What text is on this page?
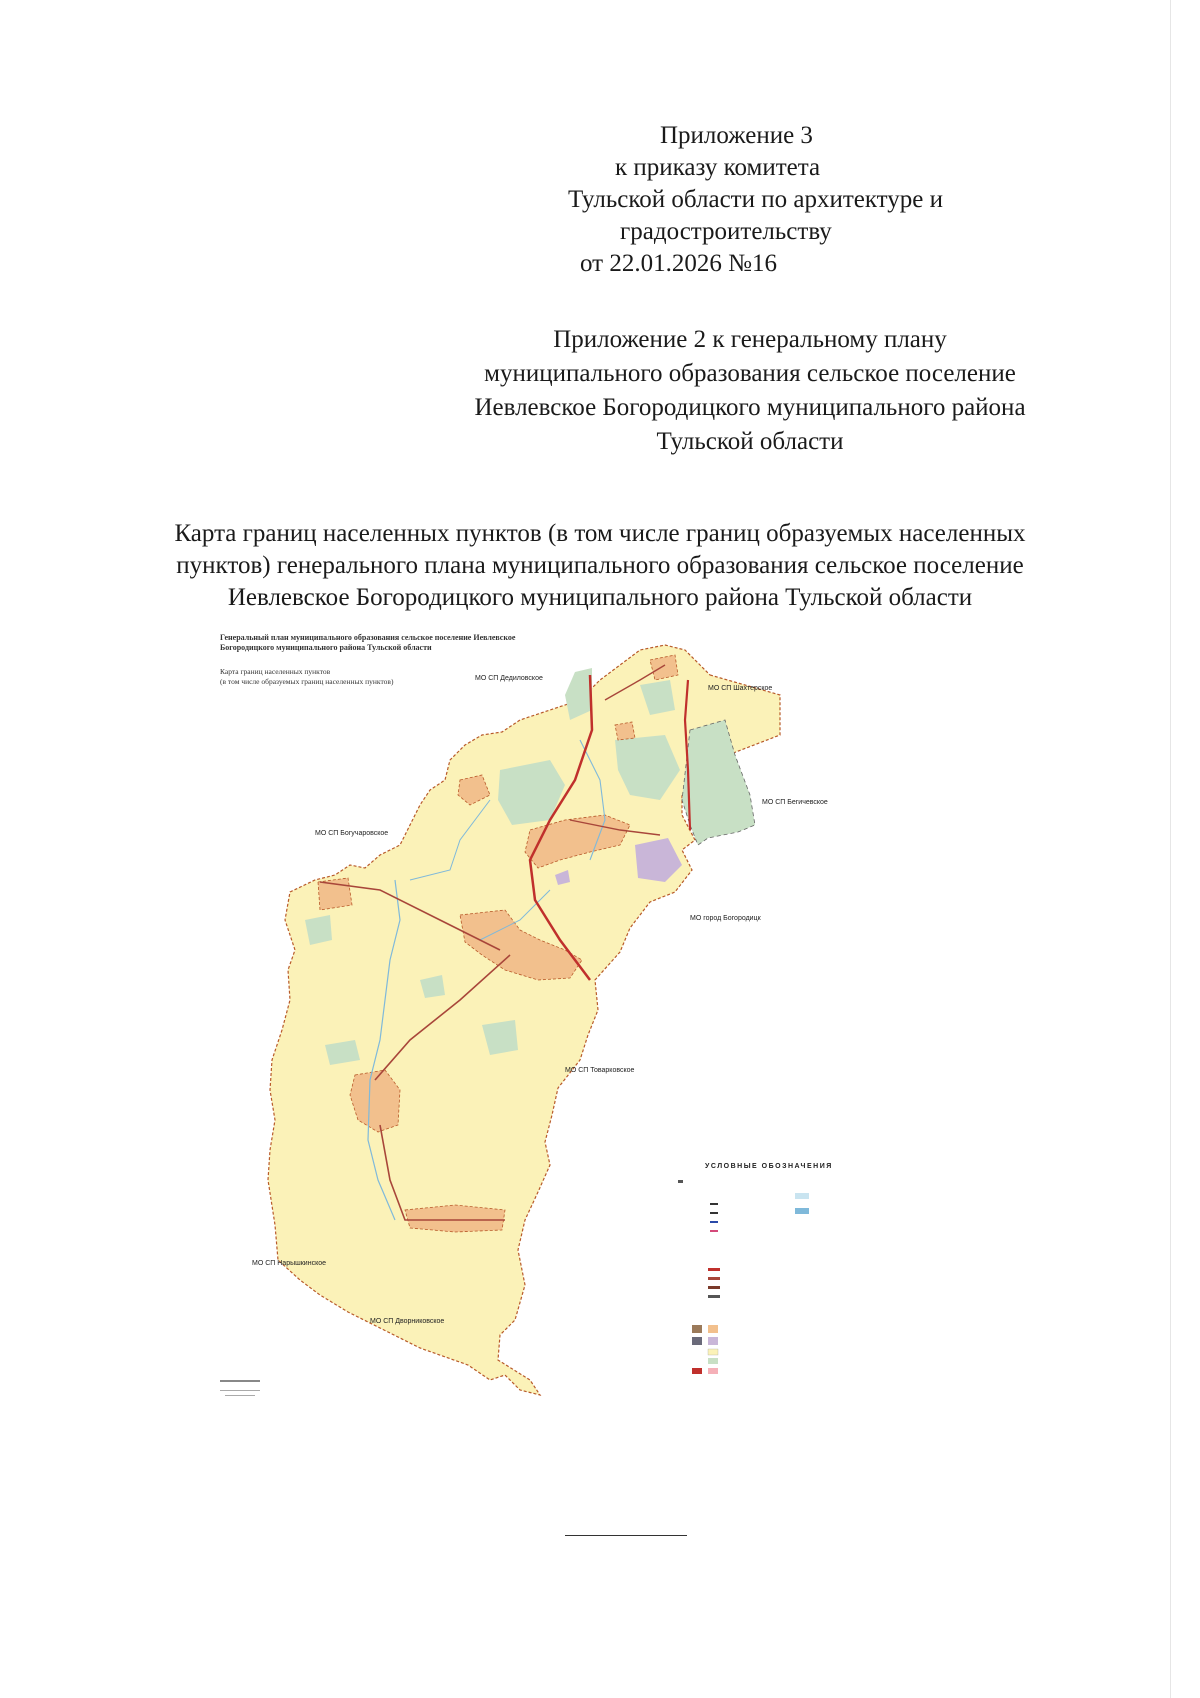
Приложение 3
к приказу комитета
Тульской области по архитектуре и
градостроительству
от 22.01.2026 №16
Приложение 2 к генеральному плану
муниципального образования сельское поселение
Иевлевское Богородицкого муниципального района
Тульской области
Карта границ населенных пунктов (в том числе границ образуемых населенных
пунктов) генерального плана муниципального образования сельское поселение
Иевлевское Богородицкого муниципального района Тульской области
Генеральный план муниципального образования сельское поселение Иевлевское
Богородицкого муниципального района Тульской области
Карта границ населенных пунктов
(в том числе образуемых границ населенных пунктов)	МО СП Дедиловское
МО СП Шахтерское
МО СП Бегичевское
МО СП Богучаровское
МО город Богородицк
МО СП Товарковское
МО СП Нарышкинское
МО СП Дворниковское
УСЛОВНЫЕ ОБОЗНАЧЕНИЯ
